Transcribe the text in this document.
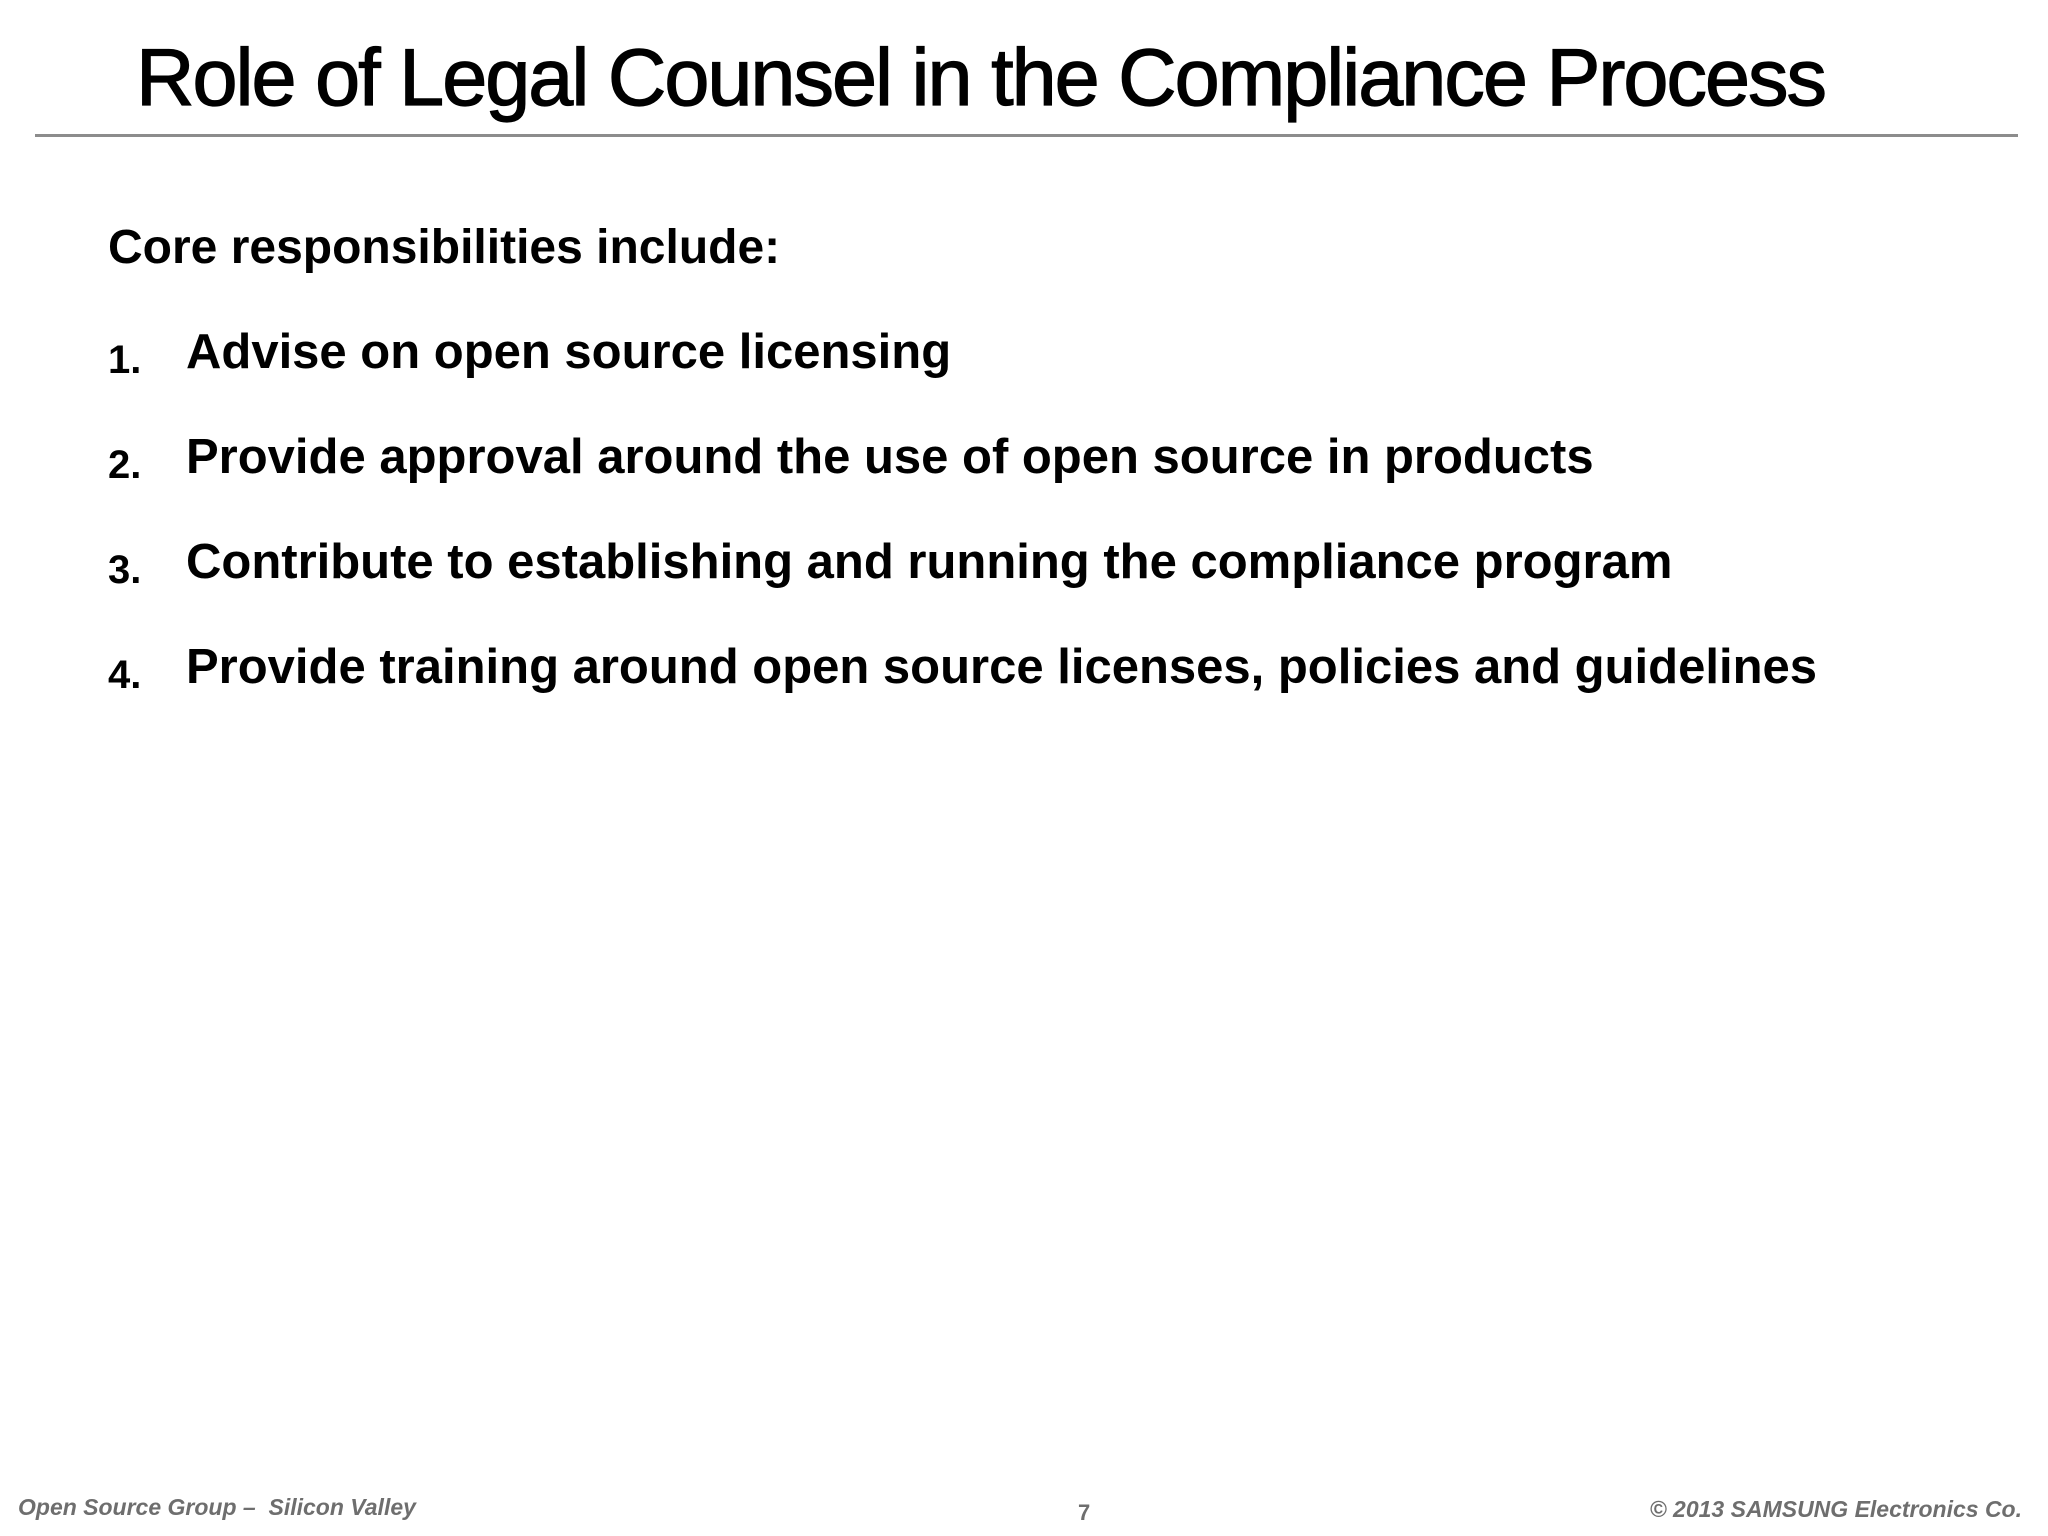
Role of Legal Counsel in the Compliance Process
Core responsibilities include:
1. Advise on open source licensing
2. Provide approval around the use of open source in products
3. Contribute to establishing and running the compliance program
4. Provide training around open source licenses, policies and guidelines
Open Source Group –  Silicon Valley	7	© 2013 SAMSUNG Electronics Co.
